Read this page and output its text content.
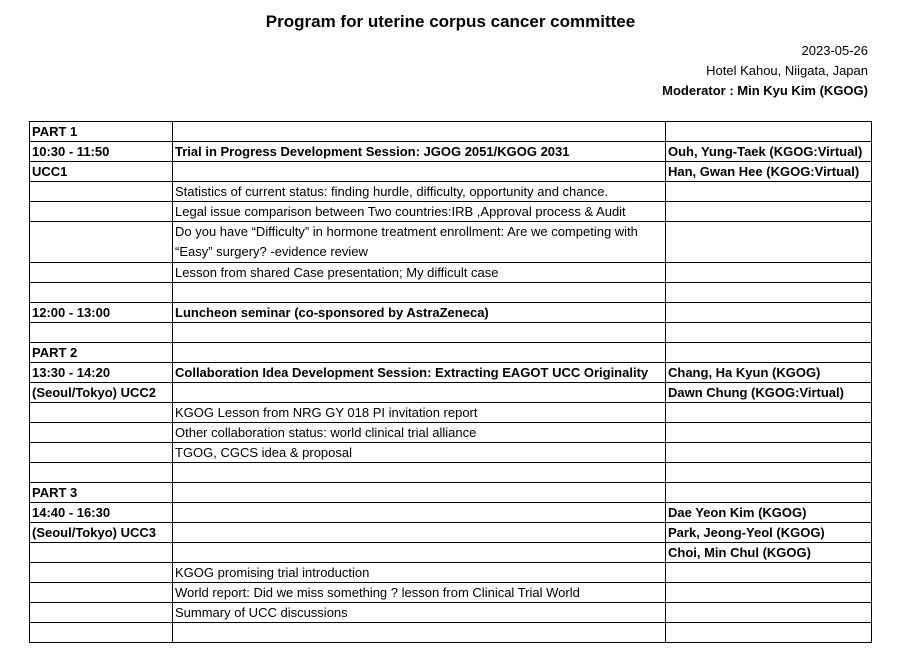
Program for uterine corpus cancer committee
2023-05-26
Hotel Kahou, Niigata, Japan
Moderator : Min Kyu Kim (KGOG)
PART 1		
10:30 - 11:50	Trial in Progress Development Session: JGOG 2051/KGOG 2031	Ouh, Yung-Taek (KGOG:Virtual)
UCC1		Han, Gwan Hee (KGOG:Virtual)
	Statistics of current status: finding hurdle, difficulty, opportunity and chance.	
	Legal issue comparison between Two countries:IRB ,Approval process & Audit	
	Do you have “Difficulty” in hormone treatment enrollment: Are we competing with “Easy” surgery? -evidence review	
	Lesson from shared Case presentation; My difficult case	

12:00 - 13:00	Luncheon seminar (co-sponsored by AstraZeneca)	

PART 2		
13:30 - 14:20	Collaboration Idea Development Session: Extracting EAGOT UCC Originality	Chang, Ha Kyun (KGOG)
(Seoul/Tokyo) UCC2		Dawn Chung (KGOG:Virtual)
	KGOG Lesson from NRG GY 018 PI invitation report	
	Other collaboration status: world clinical trial alliance	
	TGOG, CGCS idea & proposal	

PART 3		
14:40 - 16:30		Dae Yeon Kim (KGOG)
(Seoul/Tokyo) UCC3		Park, Jeong-Yeol (KGOG)
		Choi, Min Chul (KGOG)
	KGOG promising trial introduction	
	World report: Did we miss something ? lesson from Clinical Trial World	
	Summary of UCC discussions	
